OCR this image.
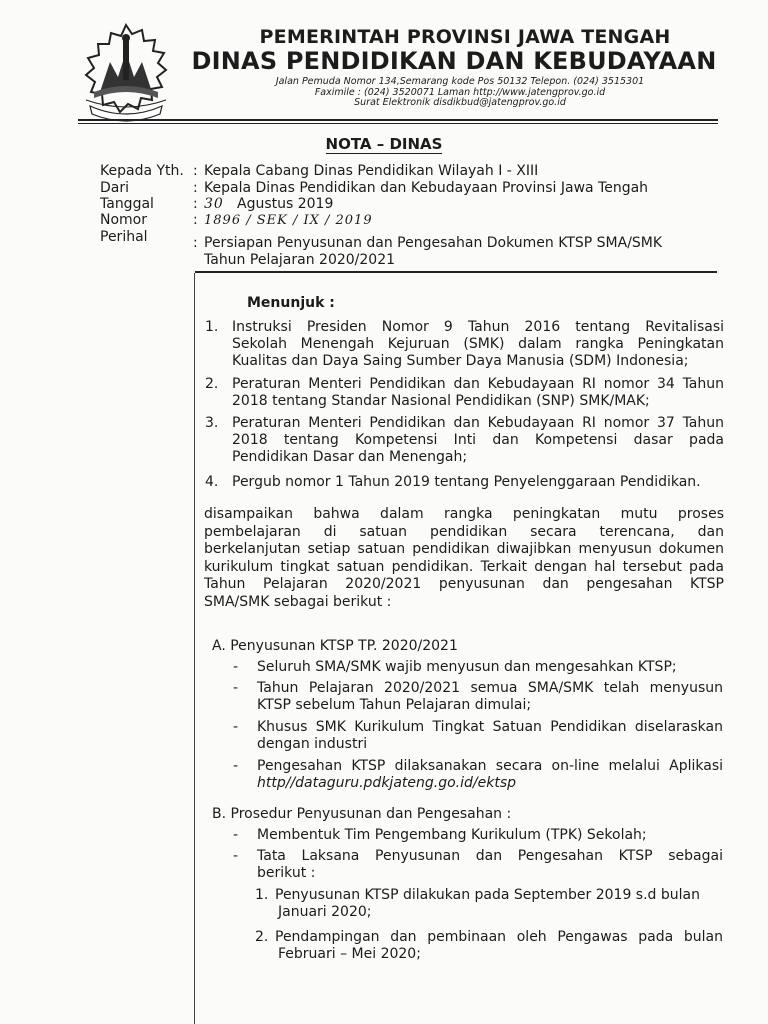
PEMERINTAH PROVINSI JAWA TENGAH
DINAS PENDIDIKAN DAN KEBUDAYAAN
Jalan Pemuda Nomor 134,Semarang kode Pos 50132 Telepon. (024) 3515301
Faximile : (024) 3520071 Laman http://www.jatengprov.go.id
Surat Elektronik disdikbud@jatengprov.go.id
NOTA – DINAS
Kepada Yth. : Kepala Cabang Dinas Pendidikan Wilayah I - XIII
Dari	: Kepala Dinas Pendidikan dan Kebudayaan Provinsi Jawa Tengah
Tanggal	: 30 Agustus 2019
Nomor	: 1896 / SEK / IX / 2019
Perihal	: Persiapan Penyusunan dan Pengesahan Dokumen KTSP SMA/SMK
Tahun Pelajaran 2020/2021
Menunjuk :
1. Instruksi Presiden Nomor 9 Tahun 2016 tentang Revitalisasi
Sekolah Menengah Kejuruan (SMK) dalam rangka Peningkatan
Kualitas dan Daya Saing Sumber Daya Manusia (SDM) Indonesia;
2. Peraturan Menteri Pendidikan dan Kebudayaan RI nomor 34 Tahun
2018 tentang Standar Nasional Pendidikan (SNP) SMK/MAK;
3. Peraturan Menteri Pendidikan dan Kebudayaan RI nomor 37 Tahun
2018 tentang Kompetensi Inti dan Kompetensi dasar pada
Pendidikan Dasar dan Menengah;
4. Pergub nomor 1 Tahun 2019 tentang Penyelenggaraan Pendidikan.
disampaikan bahwa dalam rangka peningkatan mutu proses
pembelajaran di satuan pendidikan secara terencana, dan
berkelanjutan setiap satuan pendidikan diwajibkan menyusun dokumen
kurikulum tingkat satuan pendidikan. Terkait dengan hal tersebut pada
Tahun Pelajaran 2020/2021 penyusunan dan pengesahan KTSP
SMA/SMK sebagai berikut :
A. Penyusunan KTSP TP. 2020/2021
- Seluruh SMA/SMK wajib menyusun dan mengesahkan KTSP;
- Tahun Pelajaran 2020/2021 semua SMA/SMK telah menyusun
KTSP sebelum Tahun Pelajaran dimulai;
- Khusus SMK Kurikulum Tingkat Satuan Pendidikan diselaraskan
dengan industri
- Pengesahan KTSP dilaksanakan secara on-line melalui Aplikasi
http//dataguru.pdkjateng.go.id/ektsp
B. Prosedur Penyusunan dan Pengesahan :
- Membentuk Tim Pengembang Kurikulum (TPK) Sekolah;
- Tata Laksana Penyusunan dan Pengesahan KTSP sebagai
berikut :
1. Penyusunan KTSP dilakukan pada September 2019 s.d bulan
Januari 2020;
2. Pendampingan dan pembinaan oleh Pengawas pada bulan
Februari – Mei 2020;
